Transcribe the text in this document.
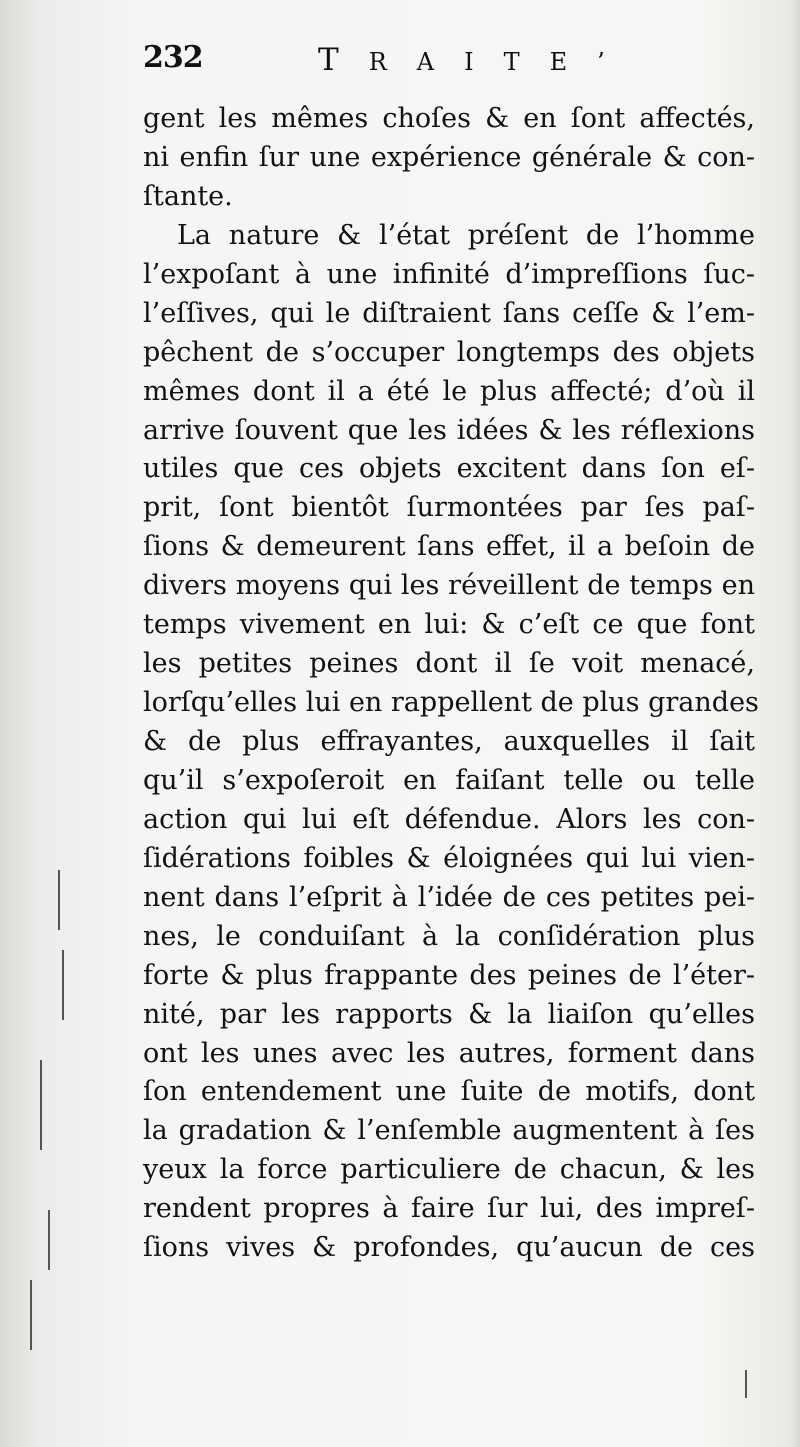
232	TRAITE’
gent les mêmes choſes & en ſont affectés,
ni enfin ſur une expérience générale & con-
ſtante.
La nature & l’état préſent de l’homme
l’expoſant à une infinité d’impreſſions ſuc-
l’eſſives, qui le diſtraient ſans ceſſe & l’em-
pêchent de s’occuper longtemps des objets
mêmes dont il a été le plus affecté; d’où il
arrive ſouvent que les idées & les réflexions
utiles que ces objets excitent dans ſon eſ-
prit, ſont bientôt ſurmontées par ſes paſ-
ſions & demeurent ſans effet, il a beſoin de
divers moyens qui les réveillent de temps en
temps vivement en lui: & c’eſt ce que font
les petites peines dont il ſe voit menacé,
lorſqu’elles lui en rappellent de plus grandes
& de plus effrayantes, auxquelles il ſait
qu’il s’expoſeroit en faiſant telle ou telle
action qui lui eſt défendue. Alors les con-
ſidérations foibles & éloignées qui lui vien-
nent dans l’eſprit à l’idée de ces petites pei-
nes, le conduiſant à la conſidération plus
forte & plus frappante des peines de l’éter-
nité, par les rapports & la liaiſon qu’elles
ont les unes avec les autres, forment dans
ſon entendement une ſuite de motifs, dont
la gradation & l’enſemble augmentent à ſes
yeux la force particuliere de chacun, & les
rendent propres à faire ſur lui, des impreſ-
ſions vives & profondes, qu’aucun de ces
